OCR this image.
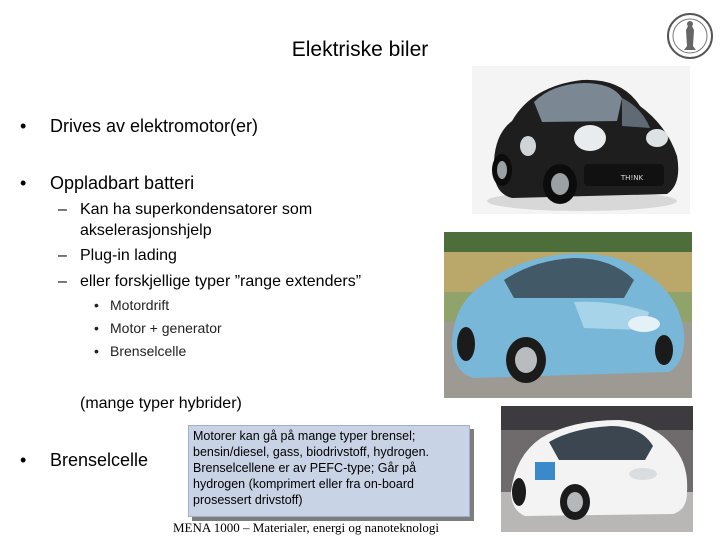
Elektriske biler
• Drives av elektromotor(er)
• Oppladbart batteri
– Kan ha superkondensatorer som
akselerasjonshjelp
– Plug-in lading
– eller forskjellige typer ”range extenders”
• Motordrift
• Motor + generator
• Brenselcelle
(mange typer hybrider)
• Brenselcelle
TH!NK
Motorer kan gå på mange typer brensel;
bensin/diesel, gass, biodrivstoff, hydrogen.
Brenselcellene er av PEFC-type; Går på
hydrogen (komprimert eller fra on-board
prosessert drivstoff)
MENA 1000 – Materialer, energi og nanoteknologi
